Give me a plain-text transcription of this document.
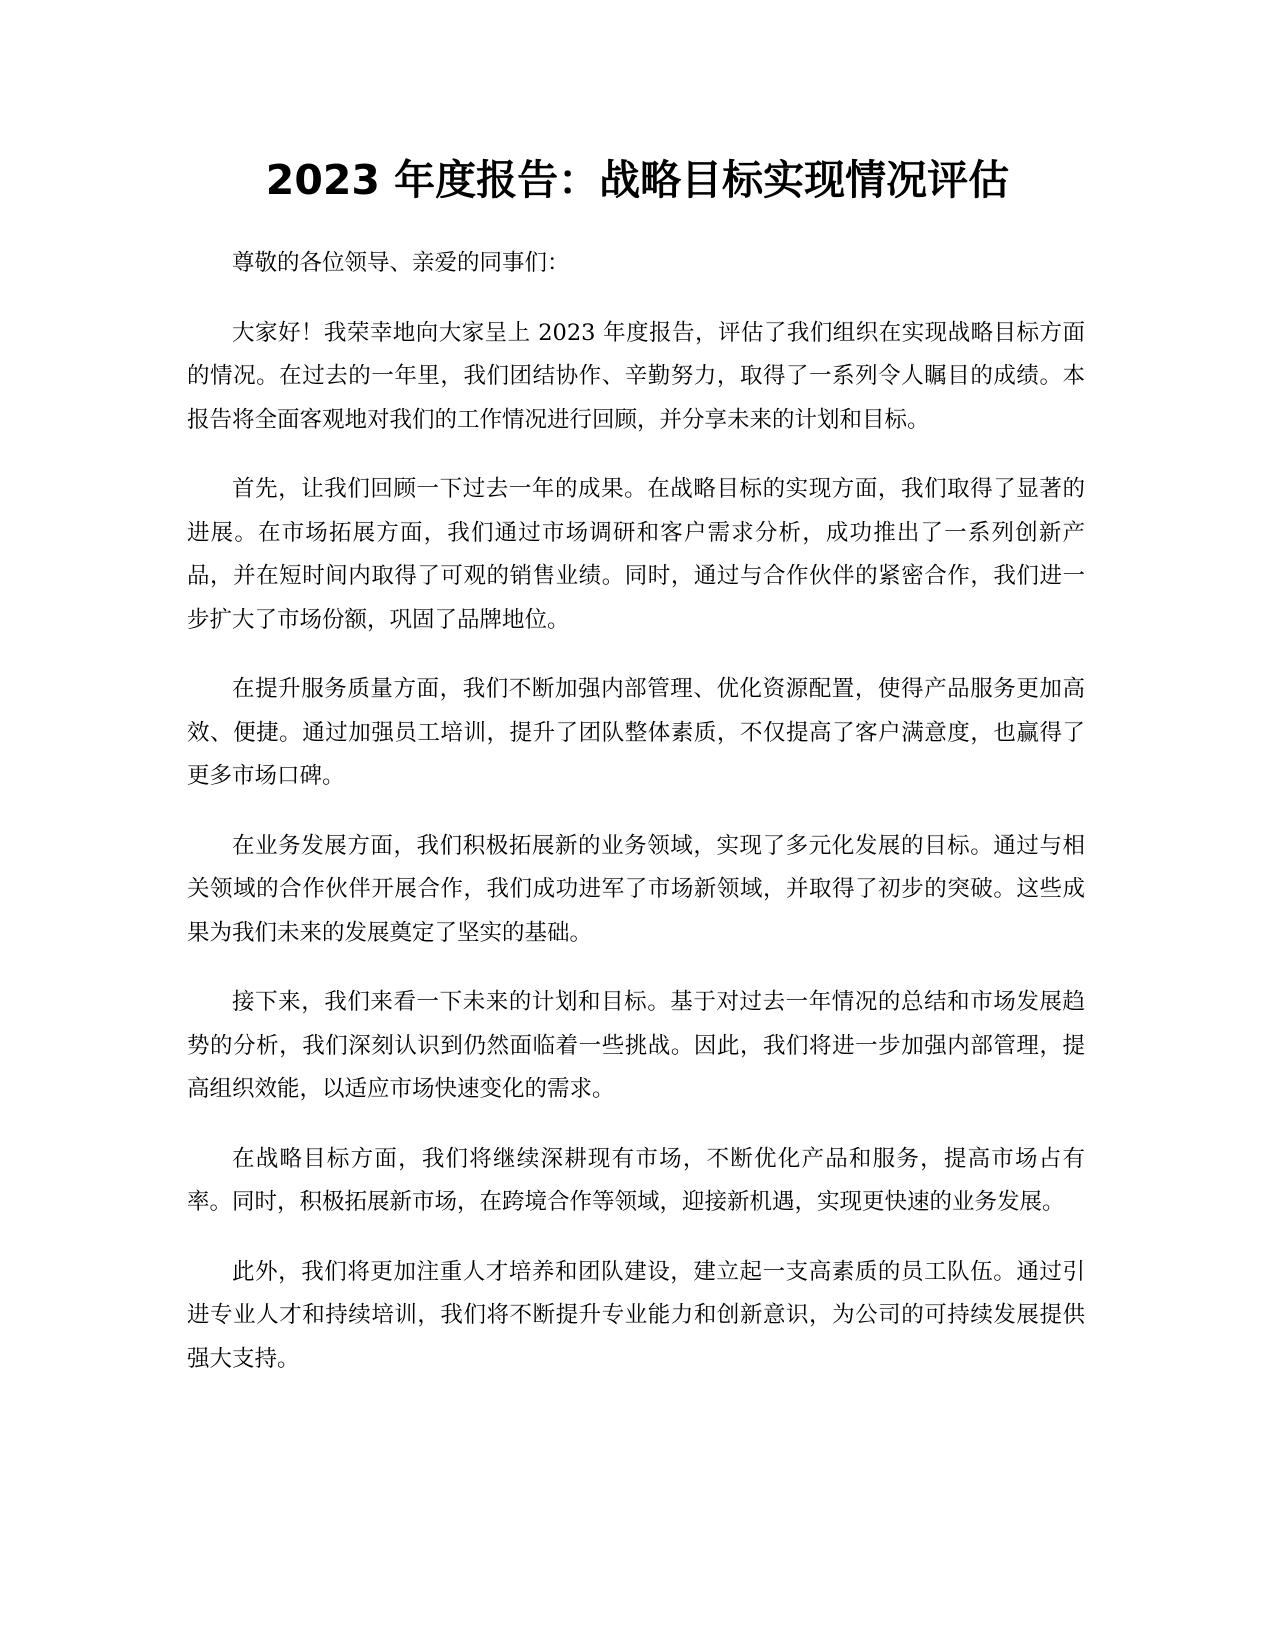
2023 年度报告：战略目标实现情况评估

尊敬的各位领导、亲爱的同事们：

大家好！我荣幸地向大家呈上 2023 年度报告，评估了我们组织在实现战略目标方面的情况。在过去的一年里，我们团结协作、辛勤努力，取得了一系列令人瞩目的成绩。本报告将全面客观地对我们的工作情况进行回顾，并分享未来的计划和目标。

首先，让我们回顾一下过去一年的成果。在战略目标的实现方面，我们取得了显著的进展。在市场拓展方面，我们通过市场调研和客户需求分析，成功推出了一系列创新产品，并在短时间内取得了可观的销售业绩。同时，通过与合作伙伴的紧密合作，我们进一步扩大了市场份额，巩固了品牌地位。

在提升服务质量方面，我们不断加强内部管理、优化资源配置，使得产品服务更加高效、便捷。通过加强员工培训，提升了团队整体素质，不仅提高了客户满意度，也赢得了更多市场口碑。

在业务发展方面，我们积极拓展新的业务领域，实现了多元化发展的目标。通过与相关领域的合作伙伴开展合作，我们成功进军了市场新领域，并取得了初步的突破。这些成果为我们未来的发展奠定了坚实的基础。

接下来，我们来看一下未来的计划和目标。基于对过去一年情况的总结和市场发展趋势的分析，我们深刻认识到仍然面临着一些挑战。因此，我们将进一步加强内部管理，提高组织效能，以适应市场快速变化的需求。

在战略目标方面，我们将继续深耕现有市场，不断优化产品和服务，提高市场占有率。同时，积极拓展新市场，在跨境合作等领域，迎接新机遇，实现更快速的业务发展。

此外，我们将更加注重人才培养和团队建设，建立起一支高素质的员工队伍。通过引进专业人才和持续培训，我们将不断提升专业能力和创新意识，为公司的可持续发展提供强大支持。
